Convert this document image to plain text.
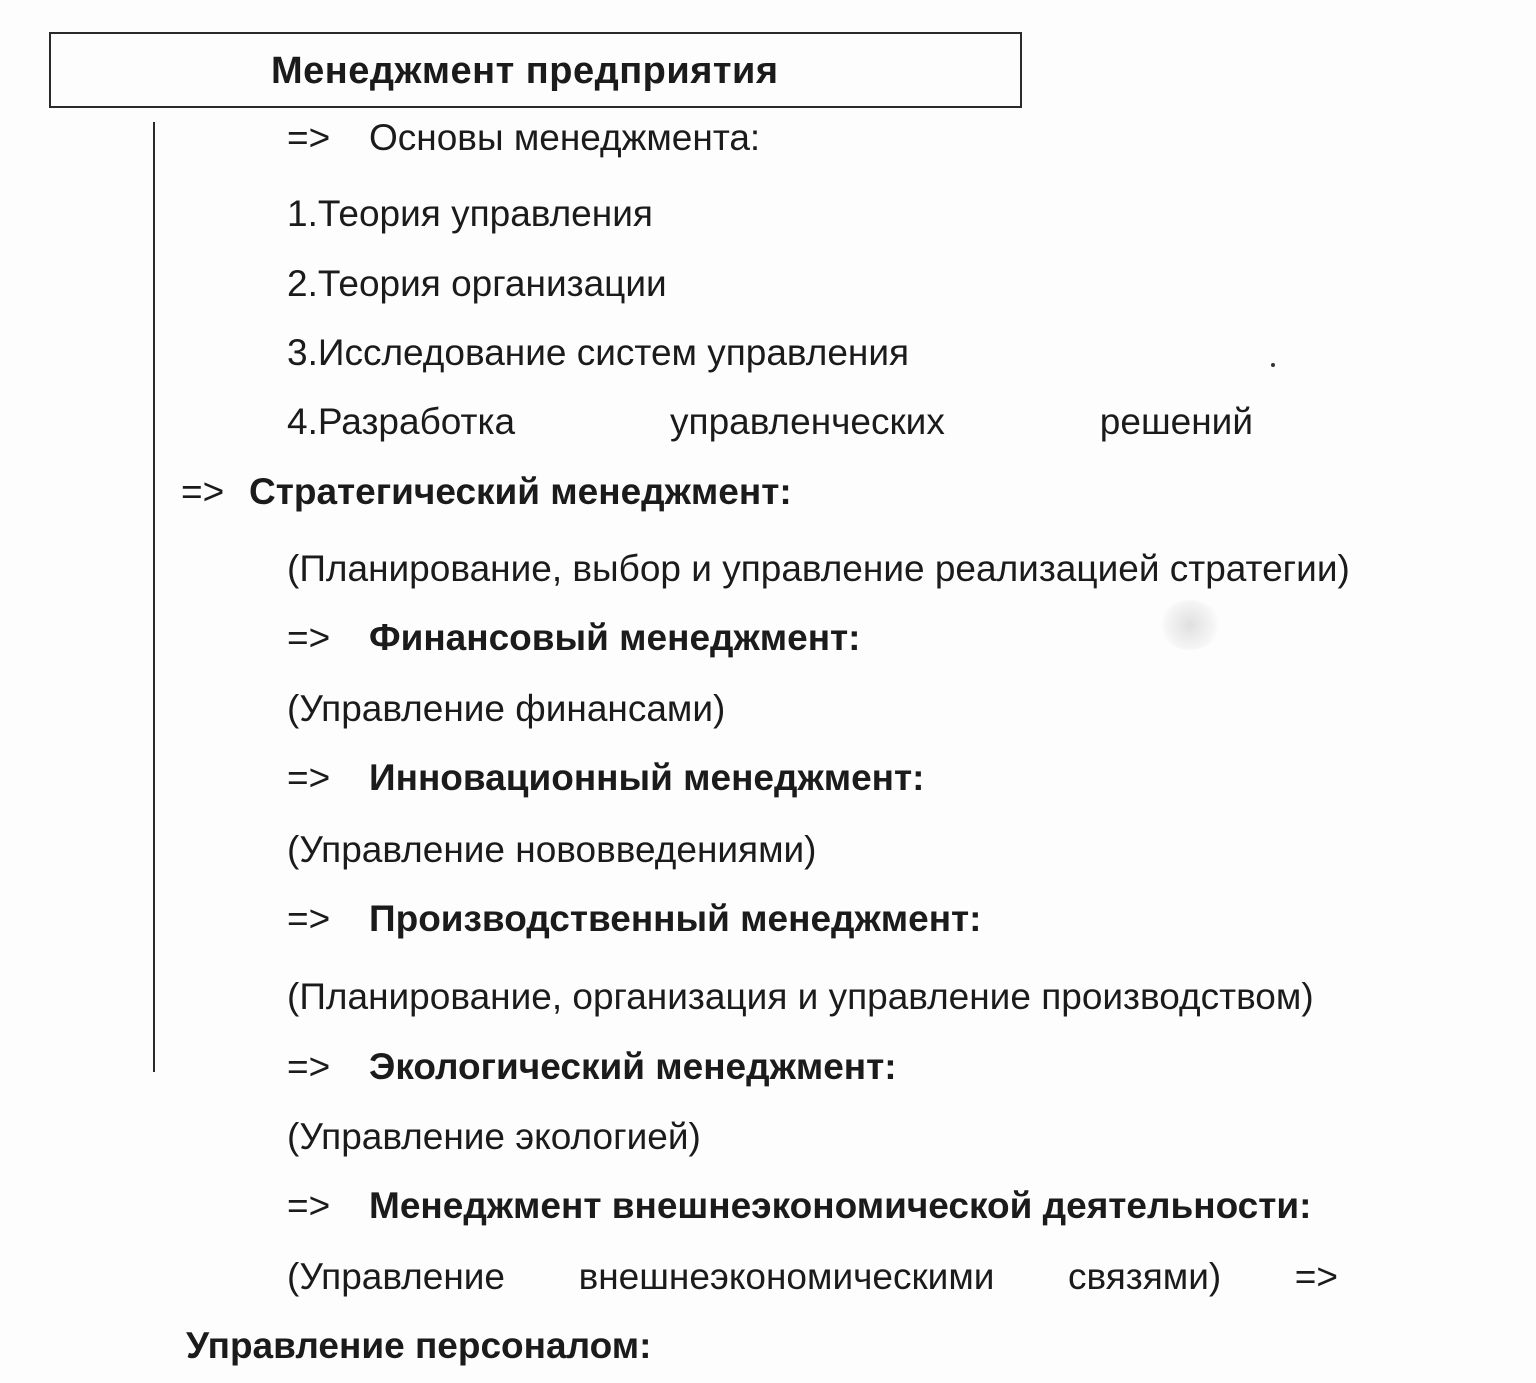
Менеджмент предприятия
=> Основы менеджмента:
1.Теория управления
2.Теория организации
3.Исследование систем управления
4.Разработка	управленческих	решений
=> Стратегический менеджмент:
(Планирование, выбор и управление реализацией стратегии)
=> Финансовый менеджмент:
(Управление финансами)
=> Инновационный менеджмент:
(Управление нововведениями)
=> Производственный менеджмент:
(Планирование, организация и управление производством)
=> Экологический менеджмент:
(Управление экологией)
=> Менеджмент внешнеэкономической деятельности:
(Управление внешнеэкономическими связями) =>
Управление персоналом:
